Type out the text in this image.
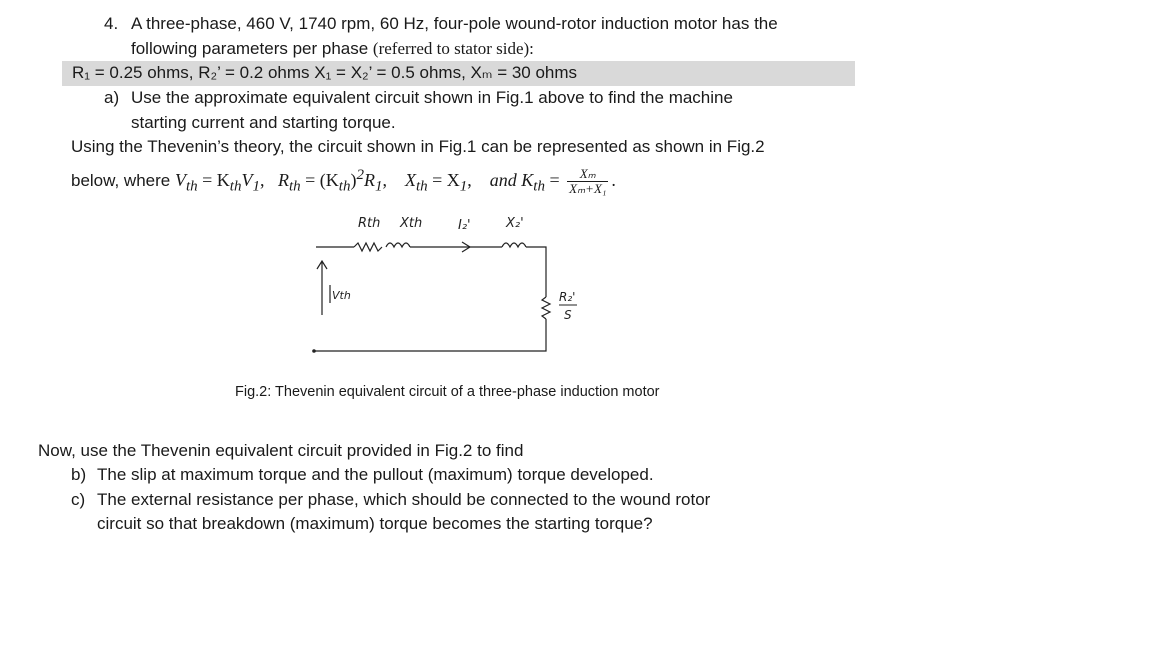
4. A three-phase, 460 V, 1740 rpm, 60 Hz, four-pole wound-rotor induction motor has the
following parameters per phase (referred to stator side):
R₁ = 0.25 ohms, R₂’ = 0.2 ohms X₁ = X₂’ = 0.5 ohms, Xₘ = 30 ohms
a) Use the approximate equivalent circuit shown in Fig.1 above to find the machine
starting current and starting torque.
Using the Thevenin’s theory, the circuit shown in Fig.1 can be represented as shown in Fig.2
below, where $V_{th} = K_{th}V_1$, $R_{th} = (K_{th})^2R_1$, $X_{th} = X_1$, and $K_{th} = \frac{\text{Xₘ}}{\text{Xₘ+X₁}}$ .
Rth Xth	I₂'	X₂'
Vth	R₂'
S
Fig.2: Thevenin equivalent circuit of a three-phase induction motor
Now, use the Thevenin equivalent circuit provided in Fig.2 to find
b) The slip at maximum torque and the pullout (maximum) torque developed.
c) The external resistance per phase, which should be connected to the wound rotor
circuit so that breakdown (maximum) torque becomes the starting torque?
